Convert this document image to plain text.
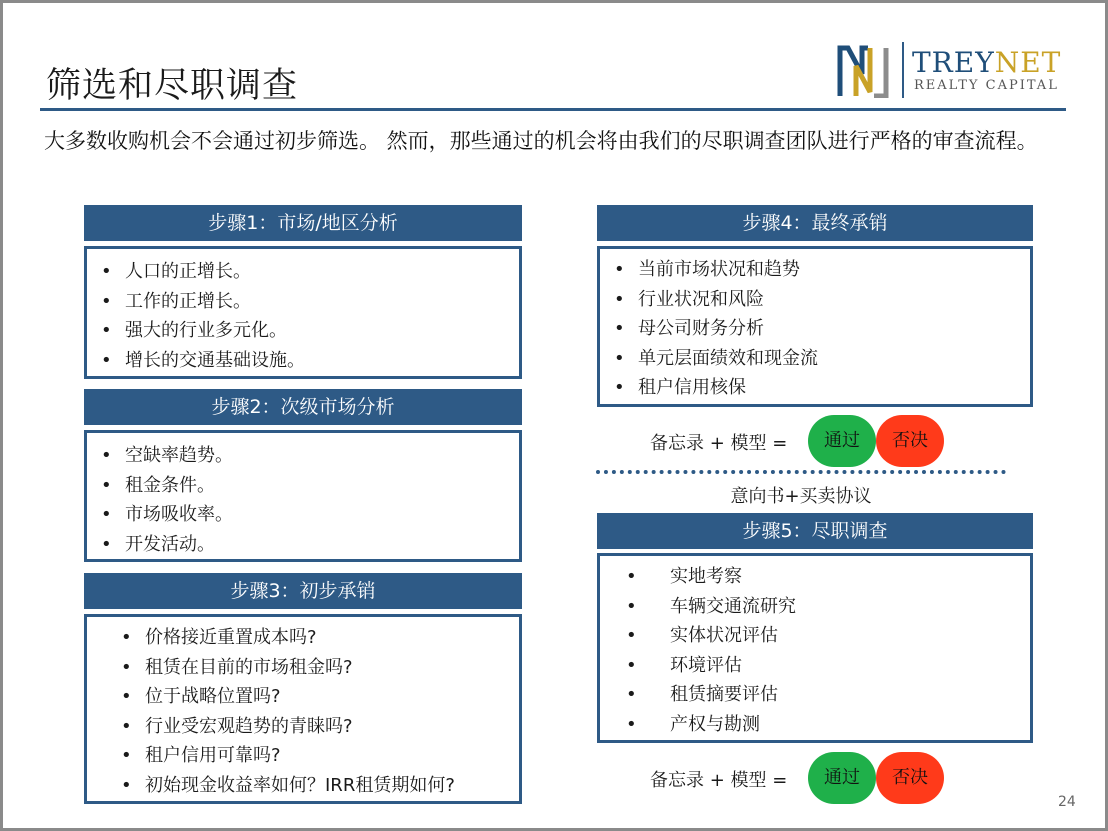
筛选和尽职调查
TREYNET
REALTY CAPITAL

大多数收购机会不会通过初步筛选。 然而，那些通过的机会将由我们的尽职调查团队进行严格的审查流程。

步骤1：市场/地区分析
• 人口的正增长。
• 工作的正增长。
• 强大的行业多元化。
• 增长的交通基础设施。
步骤2：次级市场分析
• 空缺率趋势。
• 租金条件。
• 市场吸收率。
• 开发活动。
步骤3：初步承销
• 价格接近重置成本吗?
• 租赁在目前的市场租金吗?
• 位于战略位置吗?
• 行业受宏观趋势的青睐吗?
• 租户信用可靠吗?
• 初始现金收益率如何？IRR租赁期如何?
步骤4：最终承销
• 当前市场状况和趋势
• 行业状况和风险
• 母公司财务分析
• 单元层面绩效和现金流
• 租户信用核保
备忘录 + 模型 =	通过	否决
意向书+买卖协议
步骤5：尽职调查
• 实地考察
• 车辆交通流研究
• 实体状况评估
• 环境评估
• 租赁摘要评估
• 产权与勘测
备忘录 + 模型 =	通过	否决
24
